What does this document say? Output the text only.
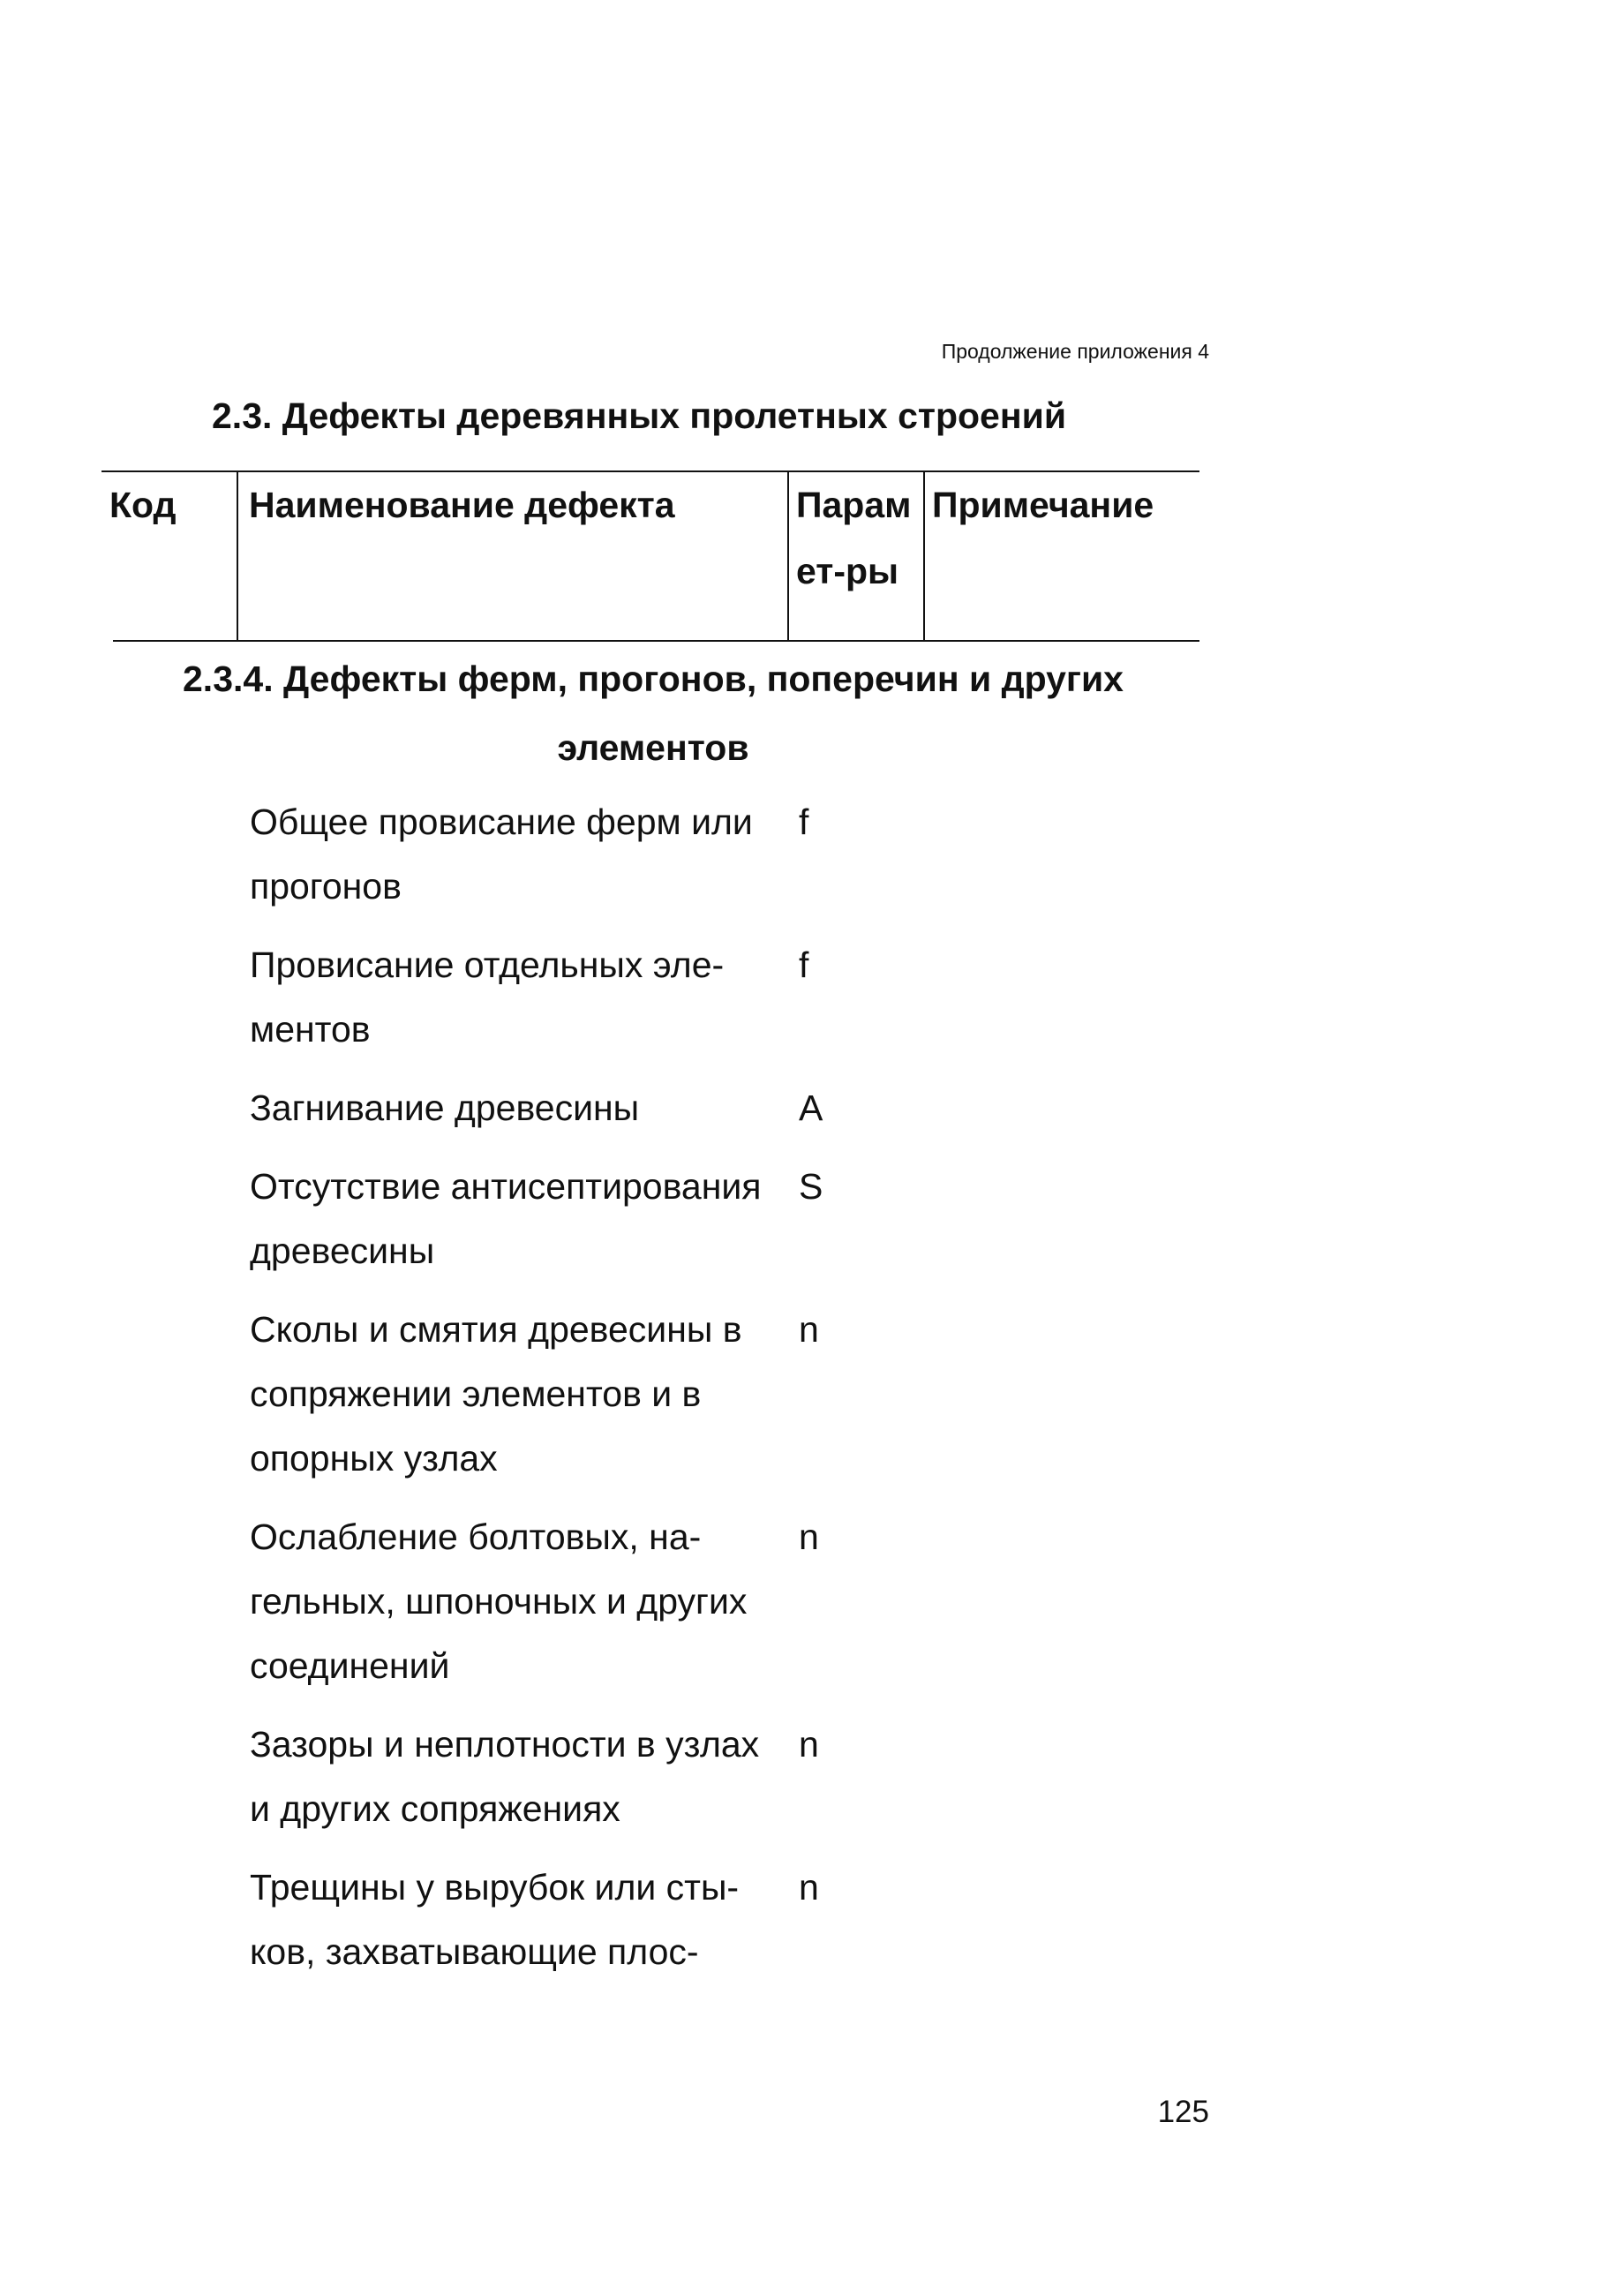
Продолжение приложения 4
2.3. Дефекты деревянных пролетных строений
Код Наименование дефекта	Парам
ет-ры
Примечание
2.3.4. Дефекты ферм, прогонов, поперечин и других
элементов
Общее провисание ферм или
прогонов
f
Провисание отдельных эле-
ментов
f
Загнивание древесины	A
Отсутствие антисептирования
древесины
S
Сколы и смятия древесины в
сопряжении элементов и в
опорных узлах
n
Ослабление болтовых, на-
гельных, шпоночных и других
соединений
n
Зазоры и неплотности в узлах
и других сопряжениях
n
Трещины у вырубок или сты-
ков, захватывающие плос-
n
125
